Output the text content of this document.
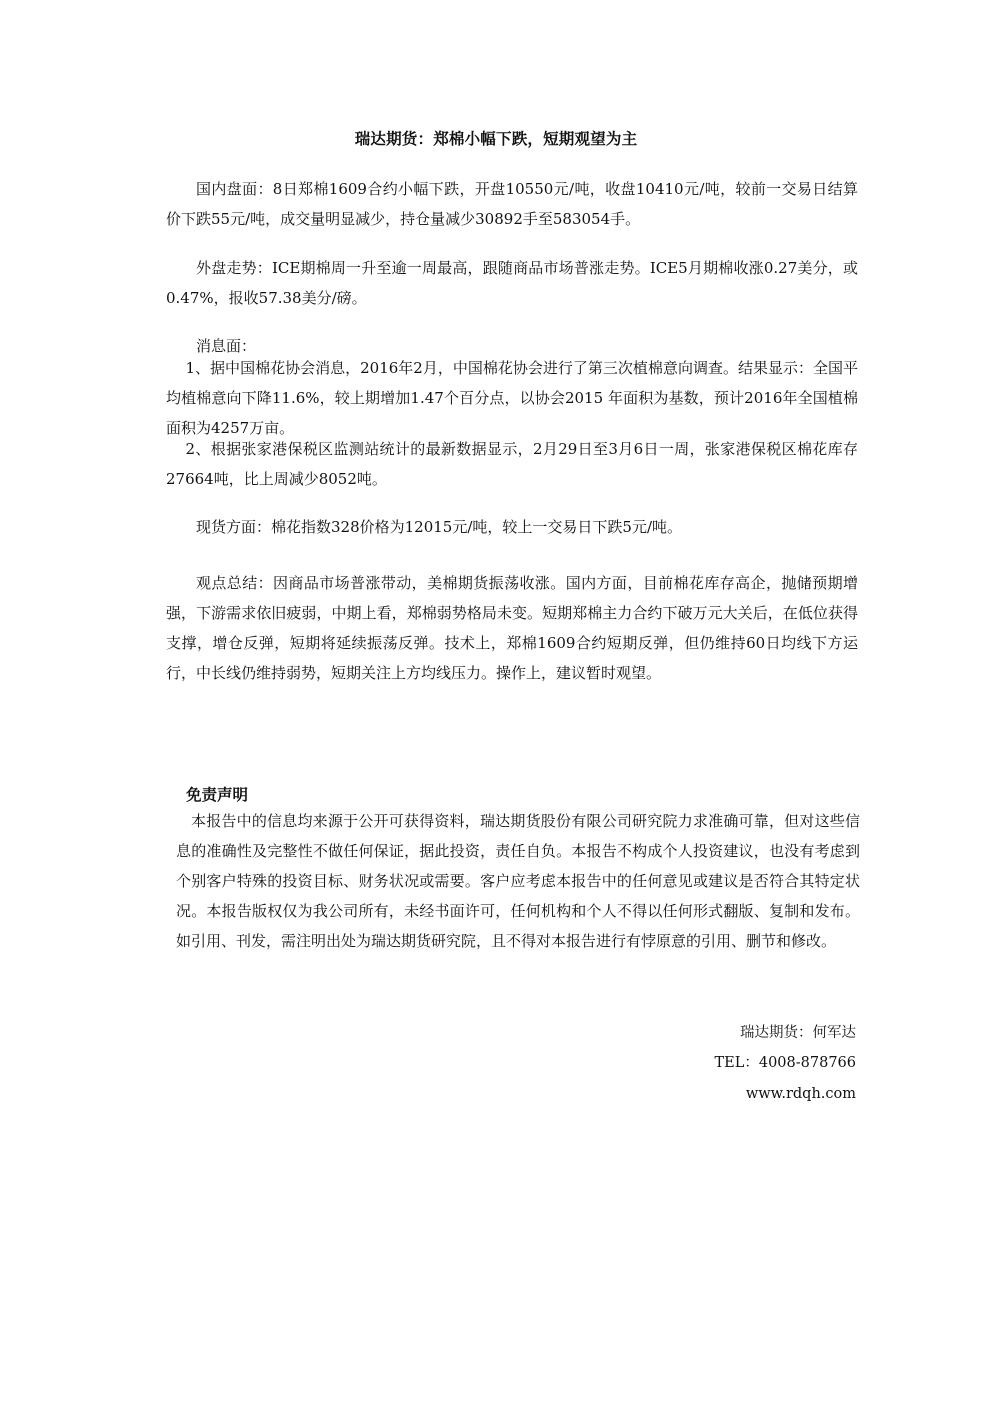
瑞达期货：郑棉小幅下跌，短期观望为主
国内盘面：8日郑棉1609合约小幅下跌，开盘10550元/吨，收盘10410元/吨，较前一交易日结算价下跌55元/吨，成交量明显减少，持仓量减少30892手至583054手。
外盘走势：ICE期棉周一升至逾一周最高，跟随商品市场普涨走势。ICE5月期棉收涨0.27美分，或0.47%，报收57.38美分/磅。
消息面：
1、据中国棉花协会消息，2016年2月，中国棉花协会进行了第三次植棉意向调查。结果显示：全国平均植棉意向下降11.6%，较上期增加1.47个百分点，以协会2015 年面积为基数，预计2016年全国植棉面积为4257万亩。
2、根据张家港保税区监测站统计的最新数据显示，2月29日至3月6日一周，张家港保税区棉花库存27664吨，比上周减少8052吨。
现货方面：棉花指数328价格为12015元/吨，较上一交易日下跌5元/吨。
观点总结：因商品市场普涨带动，美棉期货振荡收涨。国内方面，目前棉花库存高企，抛储预期增强，下游需求依旧疲弱，中期上看，郑棉弱势格局未变。短期郑棉主力合约下破万元大关后，在低位获得支撑，增仓反弹，短期将延续振荡反弹。技术上，郑棉1609合约短期反弹，但仍维持60日均线下方运行，中长线仍维持弱势，短期关注上方均线压力。操作上，建议暂时观望。
免责声明
本报告中的信息均来源于公开可获得资料，瑞达期货股份有限公司研究院力求准确可靠，但对这些信息的准确性及完整性不做任何保证，据此投资，责任自负。本报告不构成个人投资建议，也没有考虑到个别客户特殊的投资目标、财务状况或需要。客户应考虑本报告中的任何意见或建议是否符合其特定状况。本报告版权仅为我公司所有，未经书面许可，任何机构和个人不得以任何形式翻版、复制和发布。如引用、刊发，需注明出处为瑞达期货研究院，且不得对本报告进行有悖原意的引用、删节和修改。
瑞达期货：何军达
TEL：4008-878766
www.rdqh.com
